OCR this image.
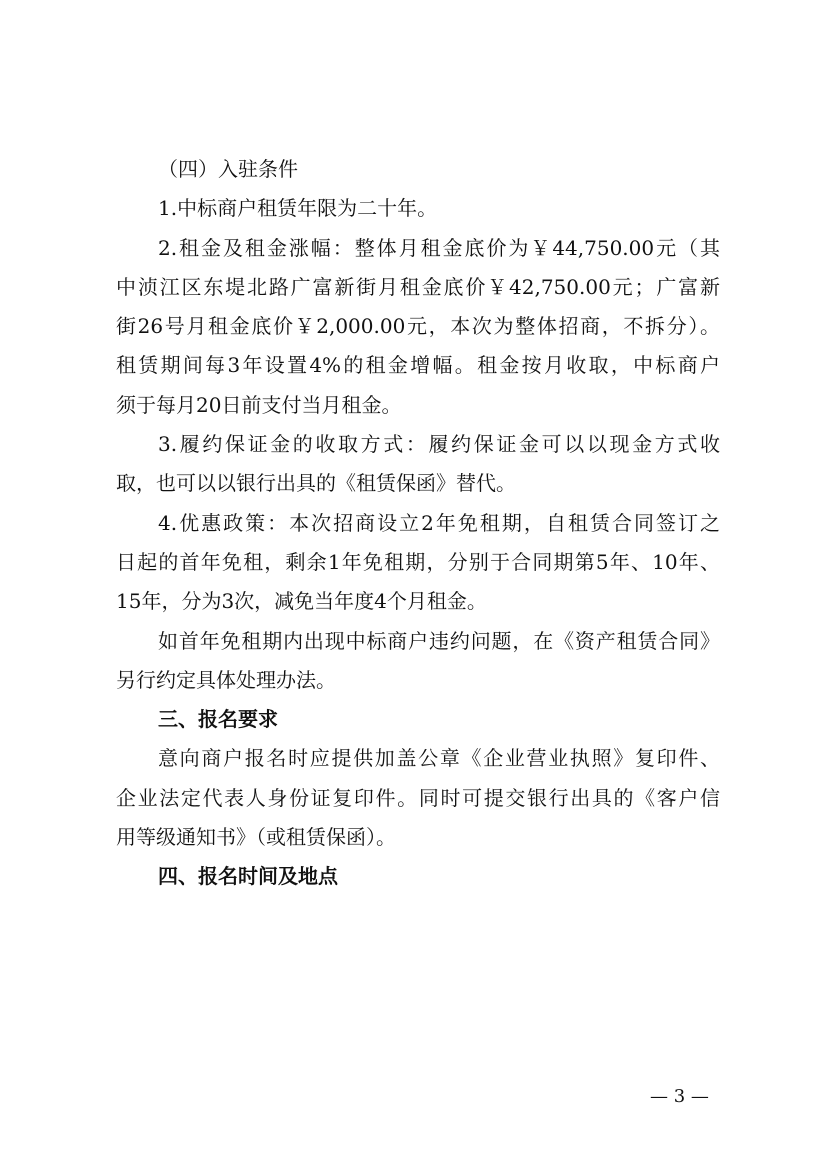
（四）入驻条件
1.中标商户租赁年限为二十年。
2.租金及租金涨幅：整体月租金底价为￥44,750.00元（其
中浈江区东堤北路广富新街月租金底价￥42,750.00元；广富新
街26号月租金底价￥2,000.00元，本次为整体招商，不拆分）。
租赁期间每3年设置4%的租金增幅。租金按月收取，中标商户
须于每月20日前支付当月租金。
3.履约保证金的收取方式：履约保证金可以以现金方式收
取，也可以以银行出具的《租赁保函》替代。
4.优惠政策：本次招商设立2年免租期，自租赁合同签订之
日起的首年免租，剩余1年免租期，分别于合同期第5年、10年、
15年，分为3次，减免当年度4个月租金。
如首年免租期内出现中标商户违约问题，在《资产租赁合同》
另行约定具体处理办法。
三、报名要求
意向商户报名时应提供加盖公章《企业营业执照》复印件、
企业法定代表人身份证复印件。同时可提交银行出具的《客户信
用等级通知书》（或租赁保函）。
四、报名时间及地点
— 3 —
